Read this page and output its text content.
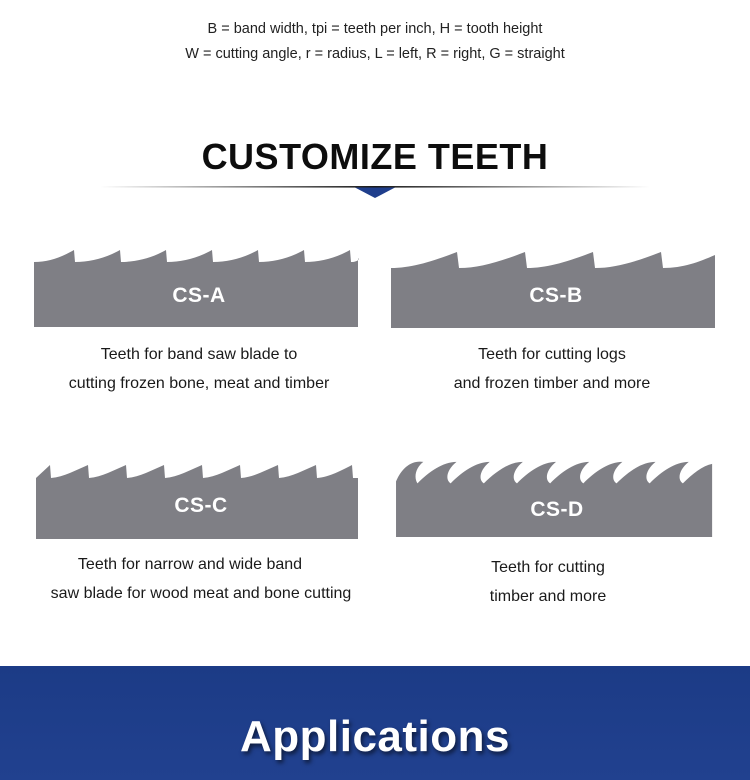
B = band width, tpi = teeth per inch, H = tooth height
W = cutting angle, r = radius, L = left, R = right, G = straight
CUSTOMIZE TEETH
CS-A
Teeth for band saw blade to
cutting frozen bone, meat and timber
CS-B
Teeth for cutting logs
and frozen timber and more
CS-C
Teeth for narrow and wide band
saw blade for wood meat and bone cutting
CS-D
Teeth for cutting
timber and more
Applications
